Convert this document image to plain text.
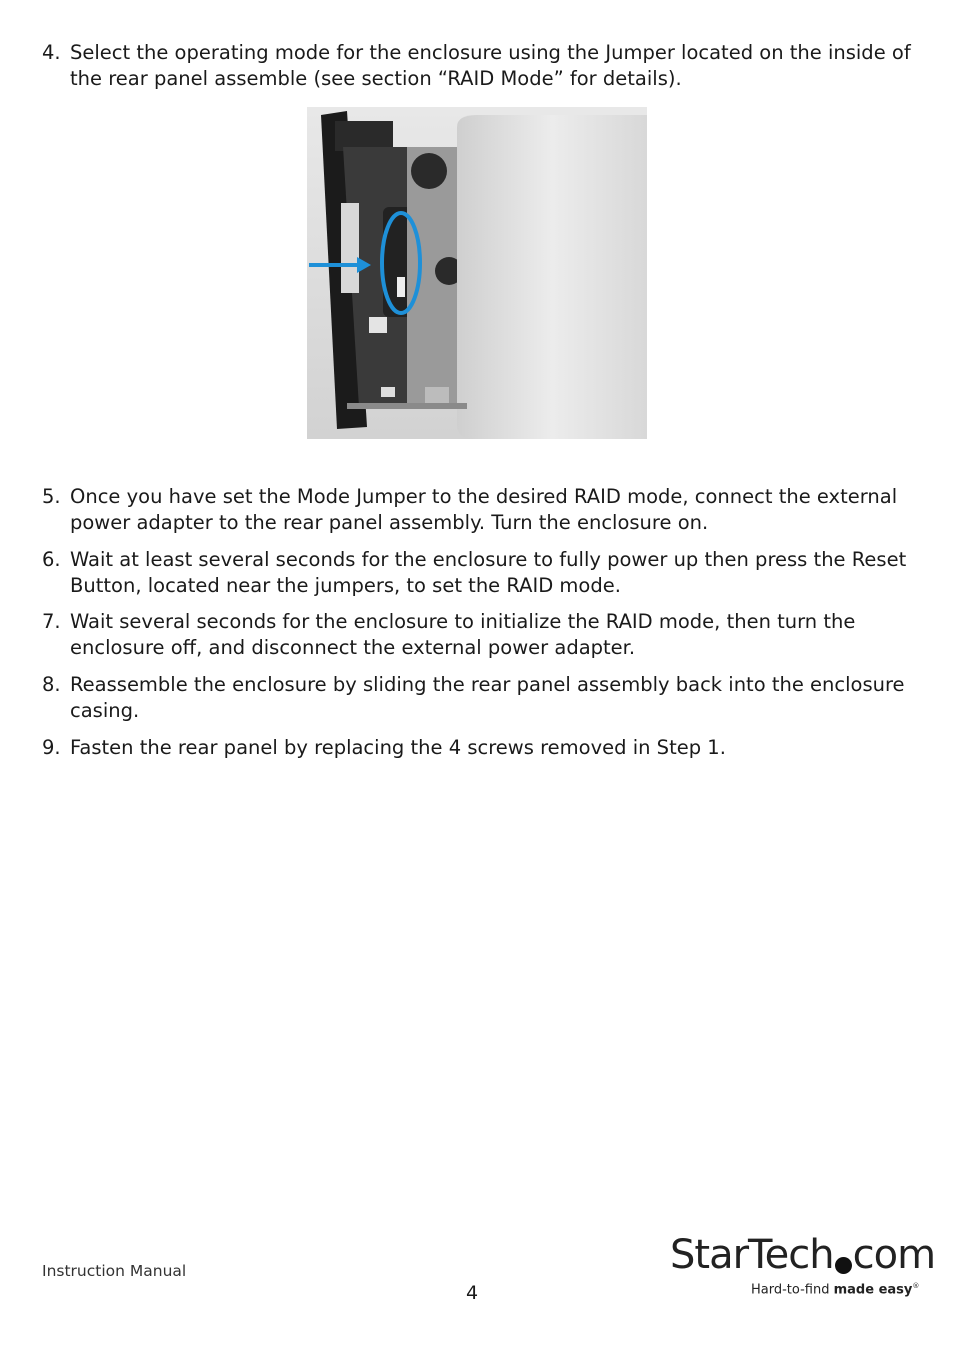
4. Select the operating mode for the enclosure using the Jumper located on the inside of the rear panel assemble (see section “RAID Mode” for details).
5. Once you have set the Mode Jumper to the desired RAID mode, connect the external power adapter to the rear panel assembly. Turn the enclosure on.
6. Wait at least several seconds for the enclosure to fully power up then press the Reset Button, located near the jumpers, to set the RAID mode.
7. Wait several seconds for the enclosure to initialize the RAID mode, then turn the enclosure off, and disconnect the external power adapter.
8. Reassemble the enclosure by sliding the rear panel assembly back into the enclosure casing.
9. Fasten the rear panel by replacing the 4 screws removed in Step 1.
Instruction Manual
4
StarTech com
Hard-to-find made easy®
